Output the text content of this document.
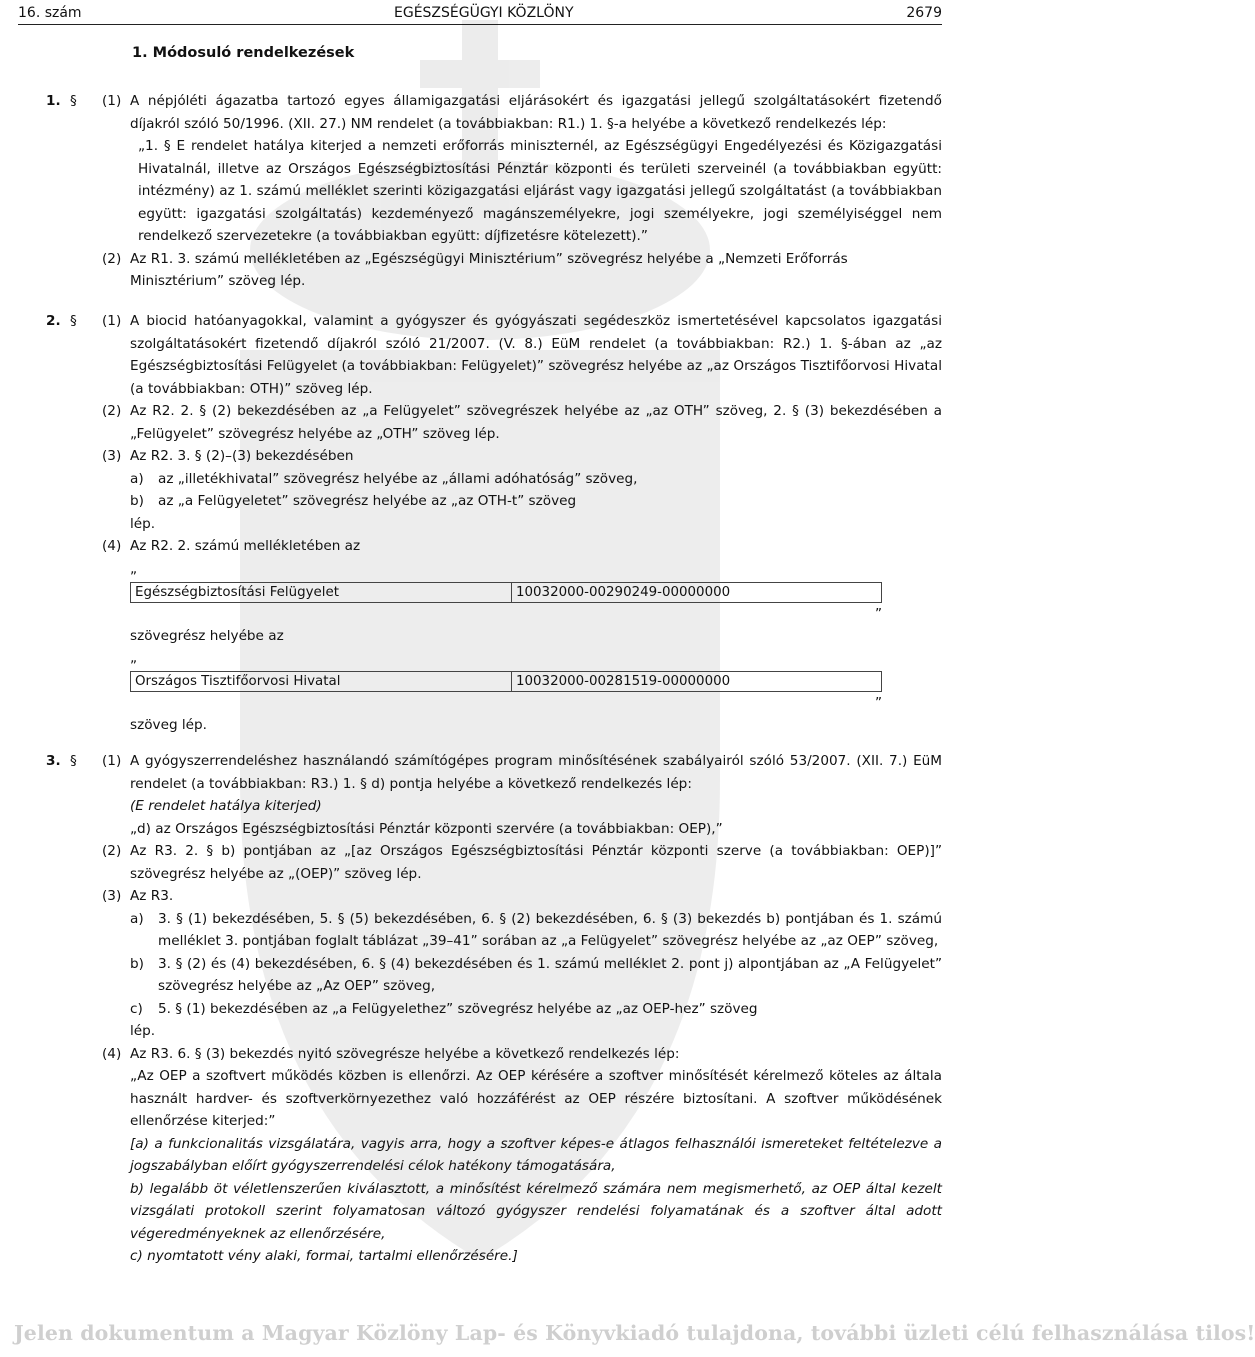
16. szám	EGÉSZSÉGÜGYI KÖZLÖNY	2679
1. Módosuló rendelkezések
1. § (1) A népjóléti ágazatba tartozó egyes államigazgatási eljárásokért és igazgatási jellegű szolgáltatásokért fizetendő díjakról szóló 50/1996. (XII. 27.) NM rendelet (a továbbiakban: R1.) 1. §-a helyébe a következő rendelkezés lép:
„1. § E rendelet hatálya kiterjed a nemzeti erőforrás miniszternél, az Egészségügyi Engedélyezési és Közigazgatási Hivatalnál, illetve az Országos Egészségbiztosítási Pénztár központi és területi szerveinél (a továbbiakban együtt: intézmény) az 1. számú melléklet szerinti közigazgatási eljárást vagy igazgatási jellegű szolgáltatást (a továbbiakban együtt: igazgatási szolgáltatás) kezdeményező magánszemélyekre, jogi személyekre, jogi személyiséggel nem rendelkező szervezetekre (a továbbiakban együtt: díjfizetésre kötelezett).”
(2) Az R1. 3. számú mellékletében az „Egészségügyi Minisztérium” szövegrész helyébe a „Nemzeti Erőforrás Minisztérium” szöveg lép.
2. § (1) A biocid hatóanyagokkal, valamint a gyógyszer és gyógyászati segédeszköz ismertetésével kapcsolatos igazgatási szolgáltatásokért fizetendő díjakról szóló 21/2007. (V. 8.) EüM rendelet (a továbbiakban: R2.) 1. §-ában az „az Egészségbiztosítási Felügyelet (a továbbiakban: Felügyelet)” szövegrész helyébe az „az Országos Tisztifőorvosi Hivatal (a továbbiakban: OTH)” szöveg lép.
(2) Az R2. 2. § (2) bekezdésében az „a Felügyelet” szövegrészek helyébe az „az OTH” szöveg, 2. § (3) bekezdésében a „Felügyelet” szövegrész helyébe az „OTH” szöveg lép.
(3) Az R2. 3. § (2)–(3) bekezdésében
a) az „illetékhivatal” szövegrész helyébe az „állami adóhatóság” szöveg,
b) az „a Felügyeletet” szövegrész helyébe az „az OTH-t” szöveg
lép.
(4) Az R2. 2. számú mellékletében az
„
Egészségbiztosítási Felügyelet	10032000-00290249-00000000
”
szövegrész helyébe az
„
Országos Tisztifőorvosi Hivatal	10032000-00281519-00000000
”
szöveg lép.
3. § (1) A gyógyszerrendeléshez használandó számítógépes program minősítésének szabályairól szóló 53/2007. (XII. 7.) EüM rendelet (a továbbiakban: R3.) 1. § d) pontja helyébe a következő rendelkezés lép:
(E rendelet hatálya kiterjed)
„d) az Országos Egészségbiztosítási Pénztár központi szervére (a továbbiakban: OEP),”
(2) Az R3. 2. § b) pontjában az „[az Országos Egészségbiztosítási Pénztár központi szerve (a továbbiakban: OEP)]” szövegrész helyébe az „(OEP)” szöveg lép.
(3) Az R3.
a) 3. § (1) bekezdésében, 5. § (5) bekezdésében, 6. § (2) bekezdésében, 6. § (3) bekezdés b) pontjában és 1. számú melléklet 3. pontjában foglalt táblázat „39–41” sorában az „a Felügyelet” szövegrész helyébe az „az OEP” szöveg,
b) 3. § (2) és (4) bekezdésében, 6. § (4) bekezdésében és 1. számú melléklet 2. pont j) alpontjában az „A Felügyelet” szövegrész helyébe az „Az OEP” szöveg,
c) 5. § (1) bekezdésében az „a Felügyelethez” szövegrész helyébe az „az OEP-hez” szöveg
lép.
(4) Az R3. 6. § (3) bekezdés nyitó szövegrésze helyébe a következő rendelkezés lép:
„Az OEP a szoftvert működés közben is ellenőrzi. Az OEP kérésére a szoftver minősítését kérelmező köteles az általa használt hardver- és szoftverkörnyezethez való hozzáférést az OEP részére biztosítani. A szoftver működésének ellenőrzése kiterjed:”
[a) a funkcionalitás vizsgálatára, vagyis arra, hogy a szoftver képes-e átlagos felhasználói ismereteket feltételezve a jogszabályban előírt gyógyszerrendelési célok hatékony támogatására,
b) legalább öt véletlenszerűen kiválasztott, a minősítést kérelmező számára nem megismerhető, az OEP által kezelt vizsgálati protokoll szerint folyamatosan változó gyógyszer rendelési folyamatának és a szoftver által adott végeredményeknek az ellenőrzésére,
c) nyomtatott vény alaki, formai, tartalmi ellenőrzésére.]
Jelen dokumentum a Magyar Közlöny Lap- és Könyvkiadó tulajdona, további üzleti célú felhasználása tilos!
